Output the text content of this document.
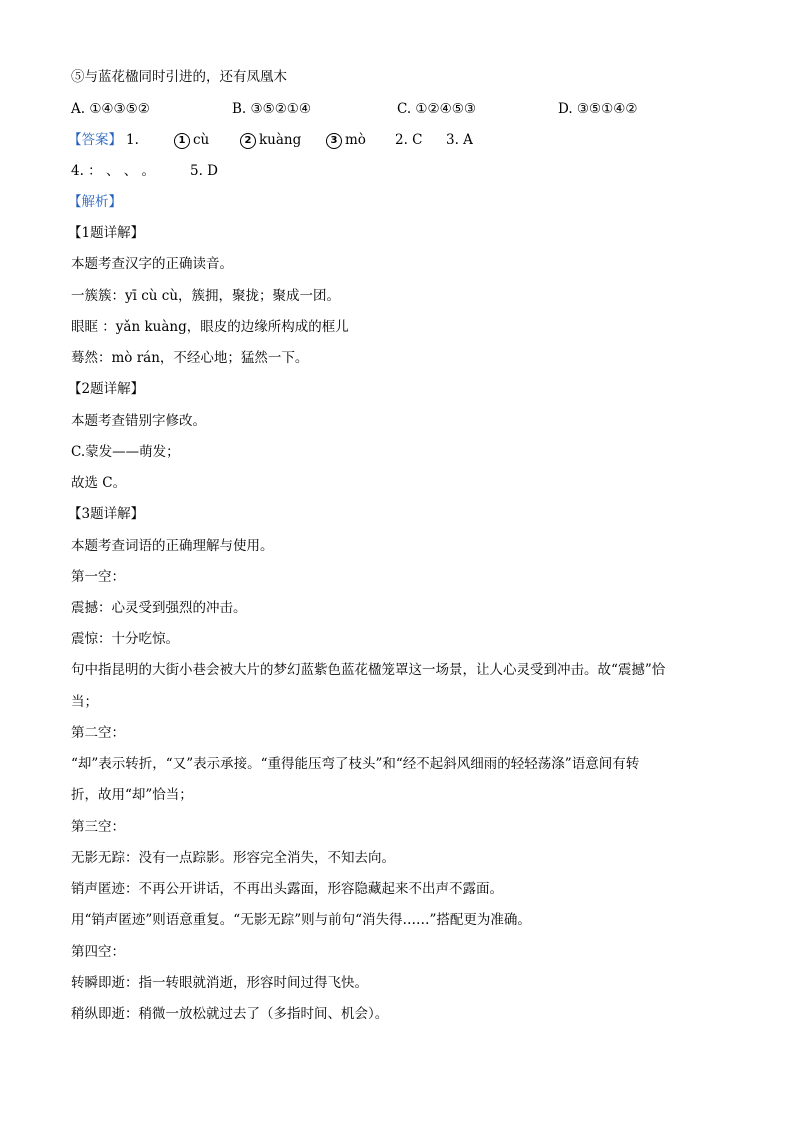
⑤与蓝花楹同时引进的，还有凤凰木
A. ①④③⑤②	B. ③⑤②①④	C. ①②④⑤③	D. ③⑤①④②
【答案】 1.	1 cù	2 kuàng	3 mò 2. C 3. A
4. ： 、 、 。	5. D
【解析】
【1题详解】
本题考查汉字的正确读音。
一簇簇：yī cù cù，簇拥，聚拢；聚成一团。
眼眶 ：yǎn kuàng，眼皮的边缘所构成的框儿
蓦然：mò rán，不经心地；猛然一下。
【2题详解】
本题考查错别字修改。
C.蒙发——萌发；
故选 C。
【3题详解】
本题考查词语的正确理解与使用。
第一空：
震撼：心灵受到强烈的冲击。
震惊：十分吃惊。
句中指昆明的大街小巷会被大片的梦幻蓝紫色蓝花楹笼罩这一场景，让人心灵受到冲击。故“震撼”恰
当；
第二空：
“却”表示转折，“又”表示承接。“重得能压弯了枝头”和“经不起斜风细雨的轻轻荡涤”语意间有转
折，故用“却”恰当；
第三空：
无影无踪：没有一点踪影。形容完全消失，不知去向。
销声匿迹：不再公开讲话，不再出头露面，形容隐藏起来不出声不露面。
用“销声匿迹”则语意重复。“无影无踪”则与前句“消失得……”搭配更为准确。
第四空：
转瞬即逝：指一转眼就消逝，形容时间过得飞快。
稍纵即逝：稍微一放松就过去了（多指时间、机会）。
